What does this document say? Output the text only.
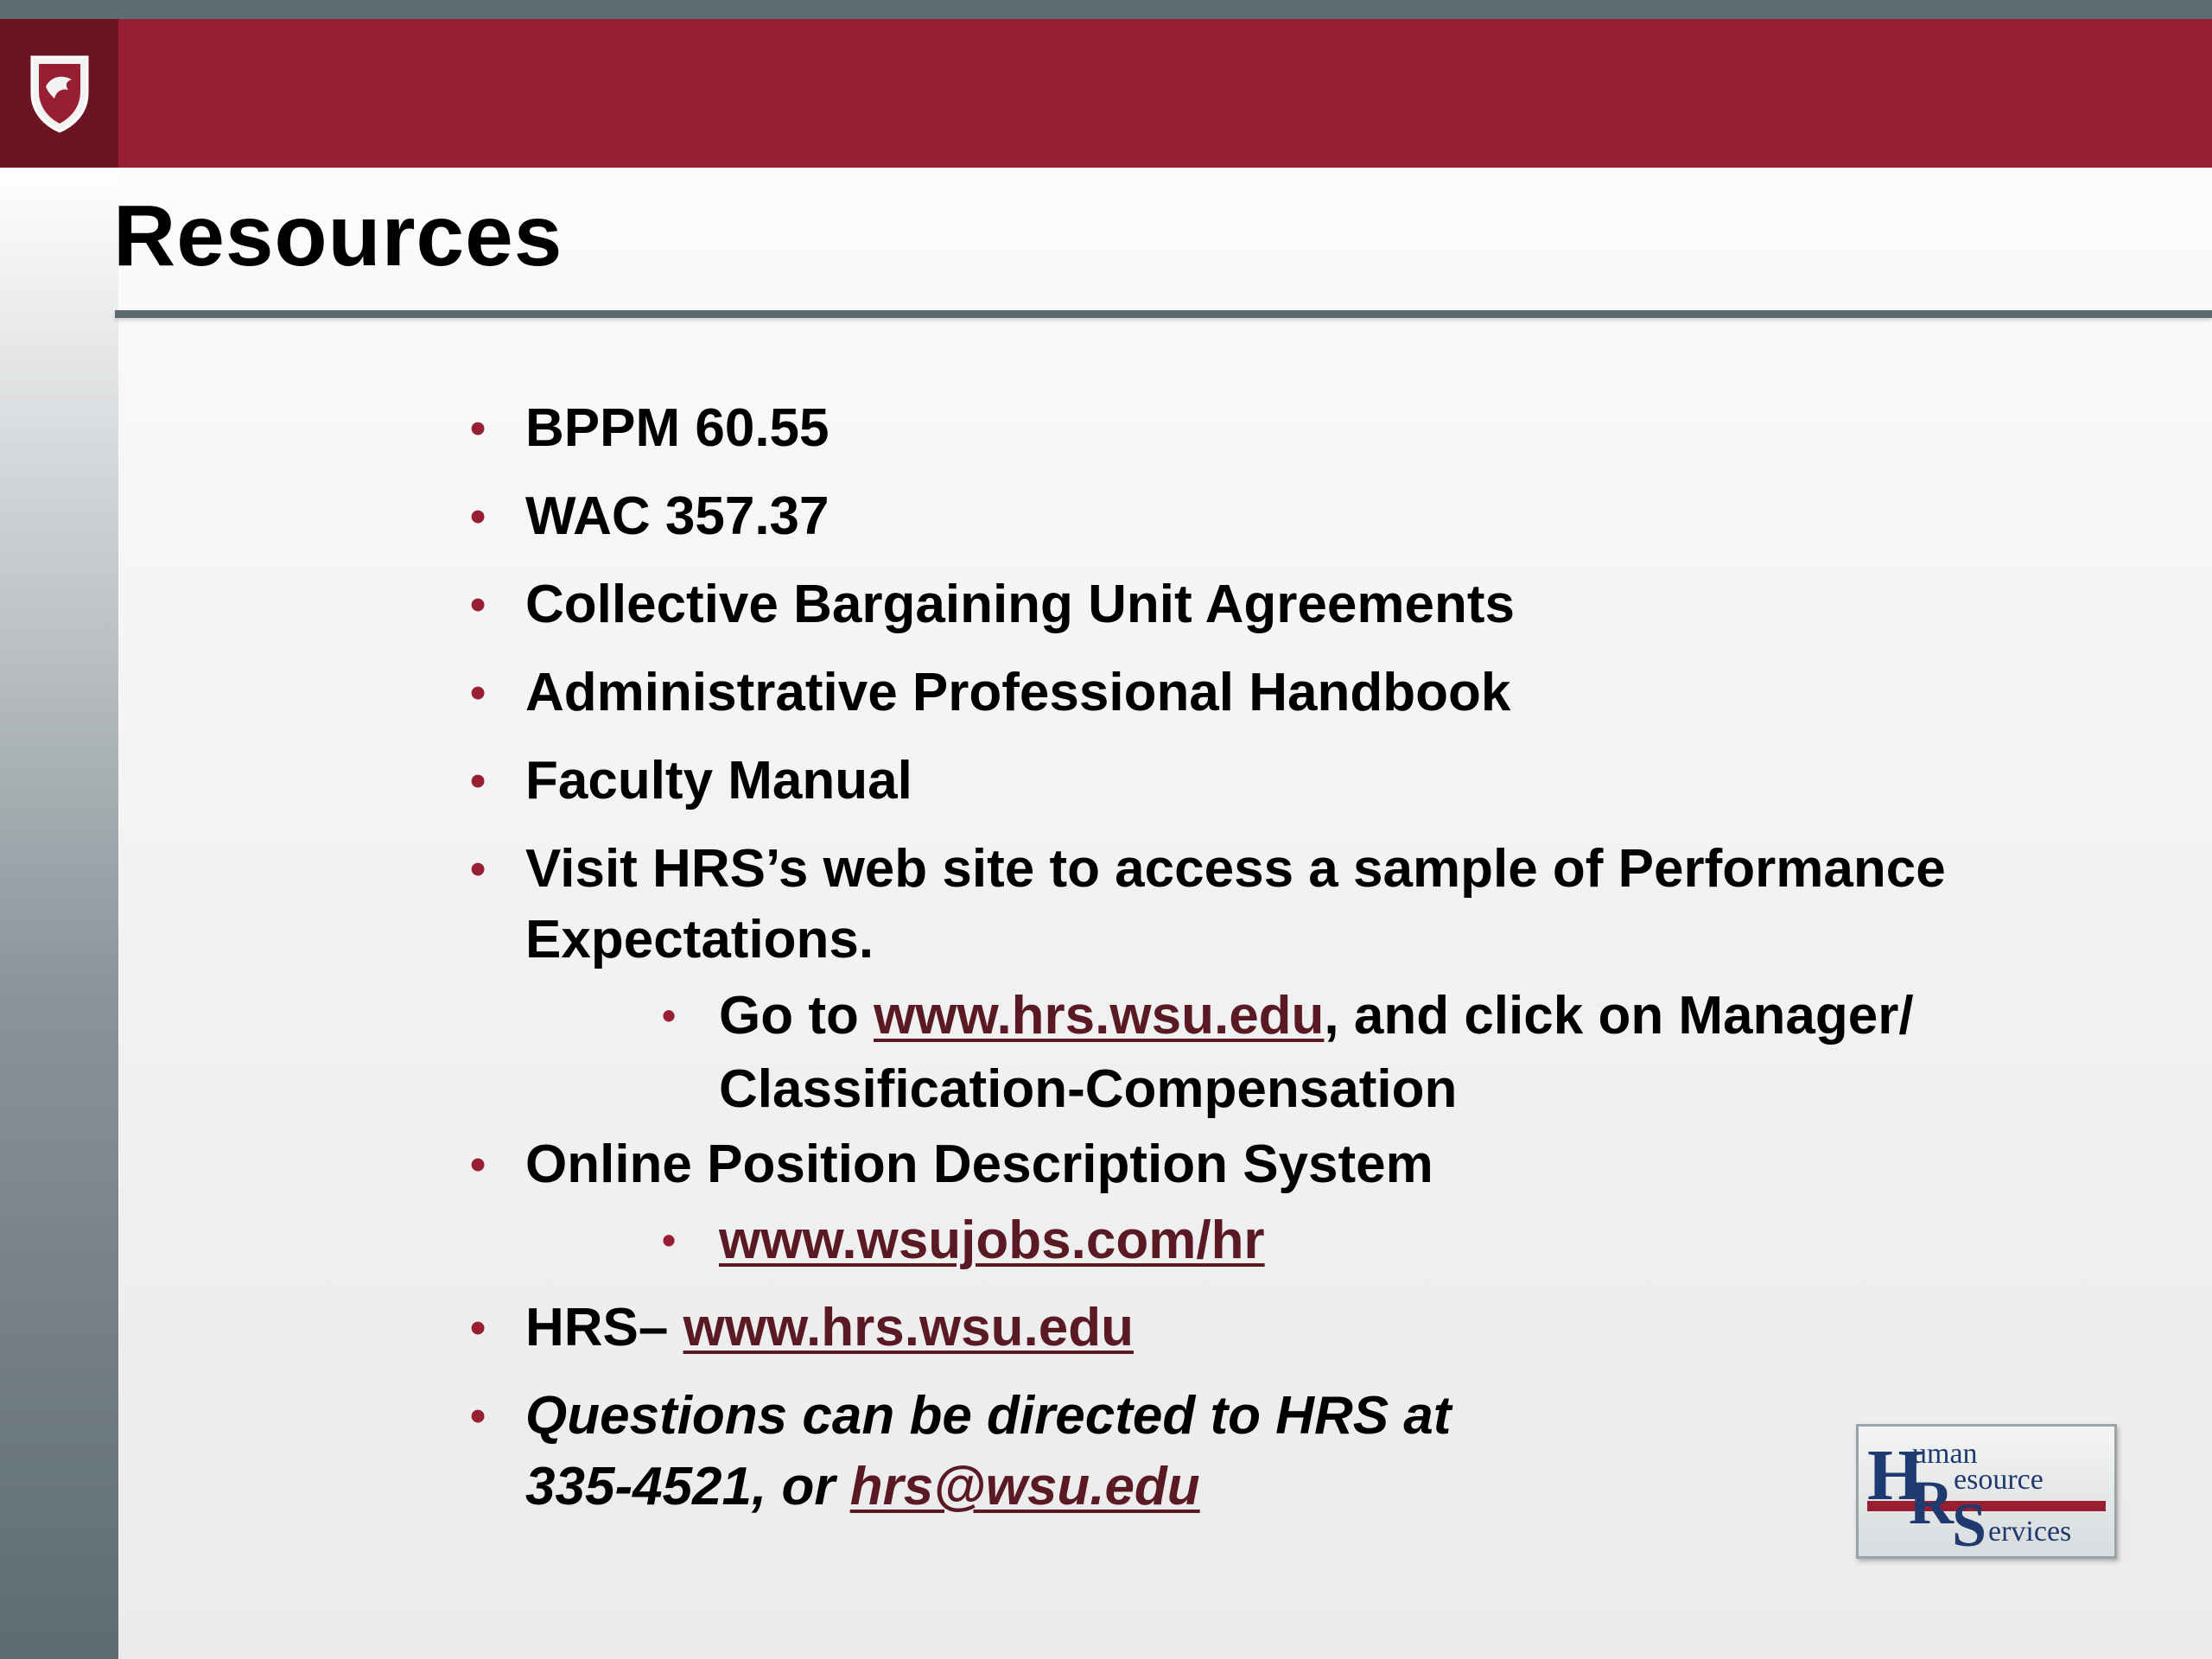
Resources
• BPPM 60.55
• WAC 357.37
• Collective Bargaining Unit Agreements
• Administrative Professional Handbook
• Faculty Manual
• Visit HRS’s web site to access a sample of Performance Expectations.
• Go to www.hrs.wsu.edu, and click on Manager/ Classification-Compensation
• Online Position Description System
• www.wsujobs.com/hr
• HRS– www.hrs.wsu.edu
• Questions can be directed to HRS at 335-4521, or hrs@wsu.edu	H
R
S
uman
esource
ervices
